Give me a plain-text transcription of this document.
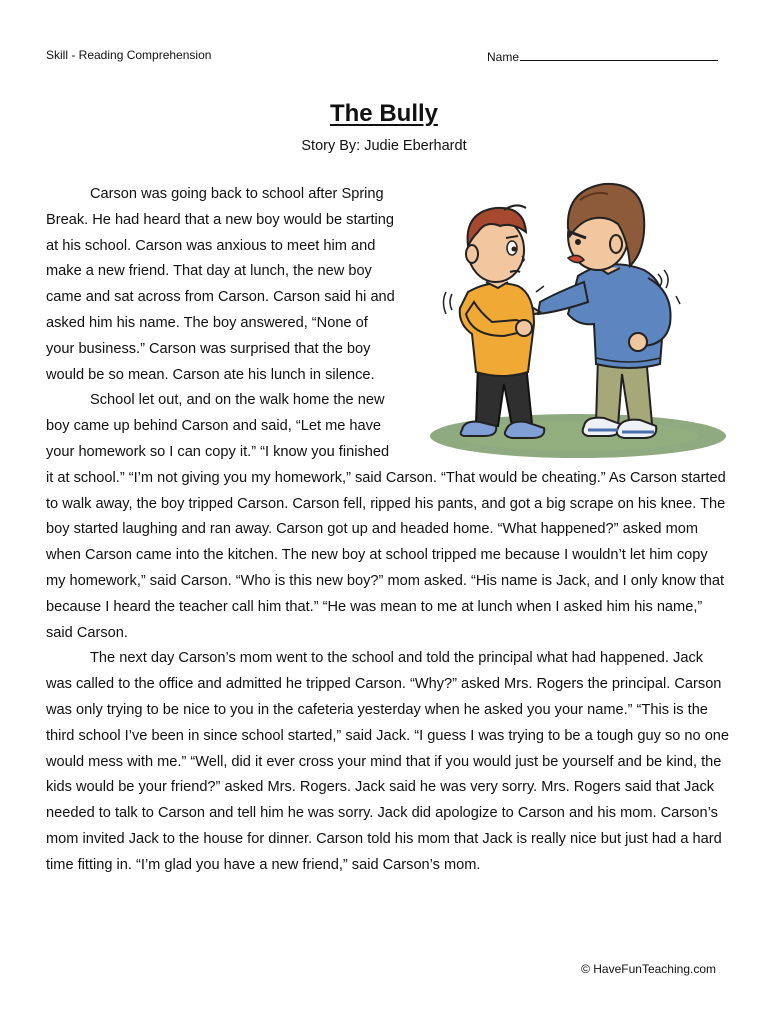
Skill - Reading Comprehension	Name
The Bully
Story By: Judie Eberhardt

Carson was going back to school after Spring Break. He had heard that a new boy would be starting at his school. Carson was anxious to meet him and make a new friend. That day at lunch, the new boy came and sat across from Carson. Carson said hi and asked him his name. The boy answered, “None of your business.” Carson was surprised that the boy would be so mean. Carson ate his lunch in silence.

School let out, and on the walk home the new boy came up behind Carson and said, “Let me have your homework so I can copy it.” “I know you finished it at school.” “I’m not giving you my homework,” said Carson. “That would be cheating.” As Carson started to walk away, the boy tripped Carson. Carson fell, ripped his pants, and got a big scrape on his knee. The boy started laughing and ran away. Carson got up and headed home. “What happened?” asked mom when Carson came into the kitchen. The new boy at school tripped me because I wouldn’t let him copy my homework,” said Carson. “Who is this new boy?” mom asked. “His name is Jack, and I only know that because I heard the teacher call him that.” “He was mean to me at lunch when I asked him his name,” said Carson.

The next day Carson’s mom went to the school and told the principal what had happened. Jack was called to the office and admitted he tripped Carson. “Why?” asked Mrs. Rogers the principal. Carson was only trying to be nice to you in the cafeteria yesterday when he asked you your name.” “This is the third school I’ve been in since school started,” said Jack. “I guess I was trying to be a tough guy so no one would mess with me.” “Well, did it ever cross your mind that if you would just be yourself and be kind, the kids would be your friend?” asked Mrs. Rogers. Jack said he was very sorry. Mrs. Rogers said that Jack needed to talk to Carson and tell him he was sorry. Jack did apologize to Carson and his mom. Carson’s mom invited Jack to the house for dinner. Carson told his mom that Jack is really nice but just had a hard time fitting in. “I’m glad you have a new friend,” said Carson’s mom.

© HaveFunTeaching.com
